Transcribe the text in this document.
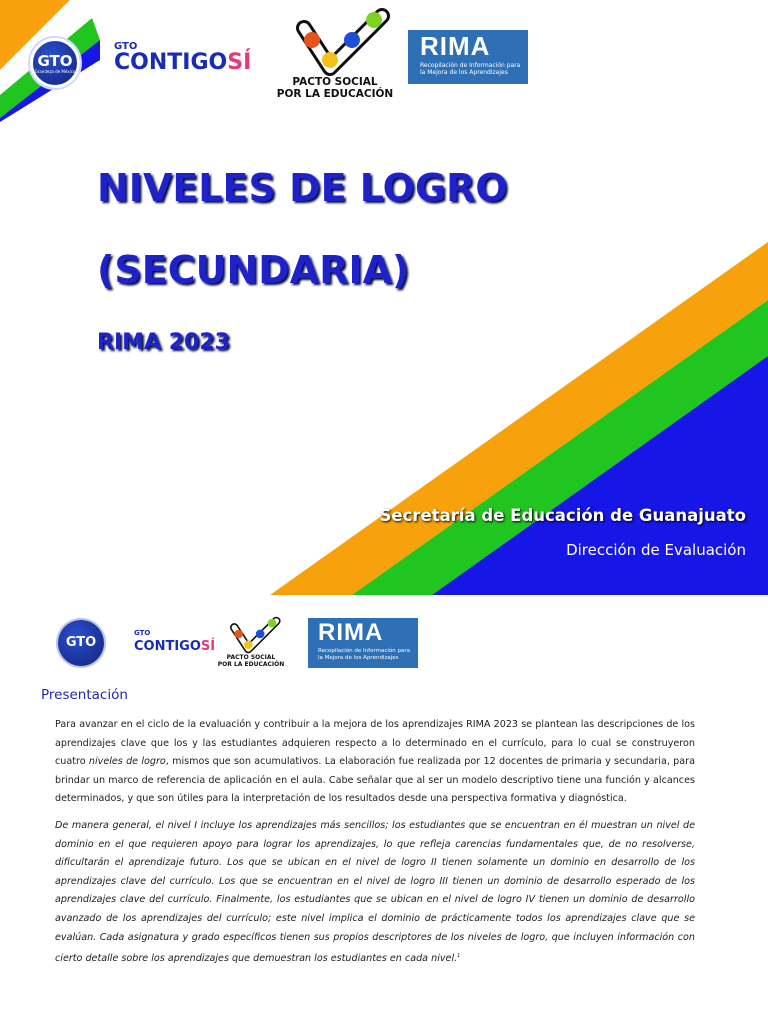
GTO
Grandeza de México
GTO
CONTIGOSÍ
PACTO SOCIAL
POR LA EDUCACIÓN
RIMA
Recopilación de Información para
la Mejora de los Aprendizajes
NIVELES DE LOGRO
(SECUNDARIA)
RIMA 2023
Secretaría de Educación de Guanajuato
Dirección de Evaluación
GTO
GTO
CONTIGOSÍ
PACTO SOCIAL
POR LA EDUCACIÓN
RIMA
Recopilación de Información para
la Mejora de los Aprendizajes
Presentación

Para avanzar en el ciclo de la evaluación y contribuir a la mejora de los aprendizajes RIMA 2023 se plantean las descripciones de los aprendizajes clave que los y las estudiantes adquieren respecto a lo determinado en el currículo, para lo cual se construyeron cuatro niveles de logro, mismos que son acumulativos. La elaboración fue realizada por 12 docentes de primaria y secundaria, para brindar un marco de referencia de aplicación en el aula. Cabe señalar que al ser un modelo descriptivo tiene una función y alcances determinados, y que son útiles para la interpretación de los resultados desde una perspectiva formativa y diagnóstica.

De manera general, el nivel I incluye los aprendizajes más sencillos; los estudiantes que se encuentran en él muestran un nivel de dominio en el que requieren apoyo para lograr los aprendizajes, lo que refleja carencias fundamentales que, de no resolverse, dificultarán el aprendizaje futuro. Los que se ubican en el nivel de logro II tienen solamente un dominio en desarrollo de los aprendizajes clave del currículo. Los que se encuentran en el nivel de logro III tienen un dominio de desarrollo esperado de los aprendizajes clave del currículo. Finalmente, los estudiantes que se ubican en el nivel de logro IV tienen un dominio de desarrollo avanzado de los aprendizajes del currículo; este nivel implica el dominio de prácticamente todos los aprendizajes clave que se evalúan. Cada asignatura y grado específicos tienen sus propios descriptores de los niveles de logro, que incluyen información con cierto detalle sobre los aprendizajes que demuestran los estudiantes en cada nivel.$^1$
